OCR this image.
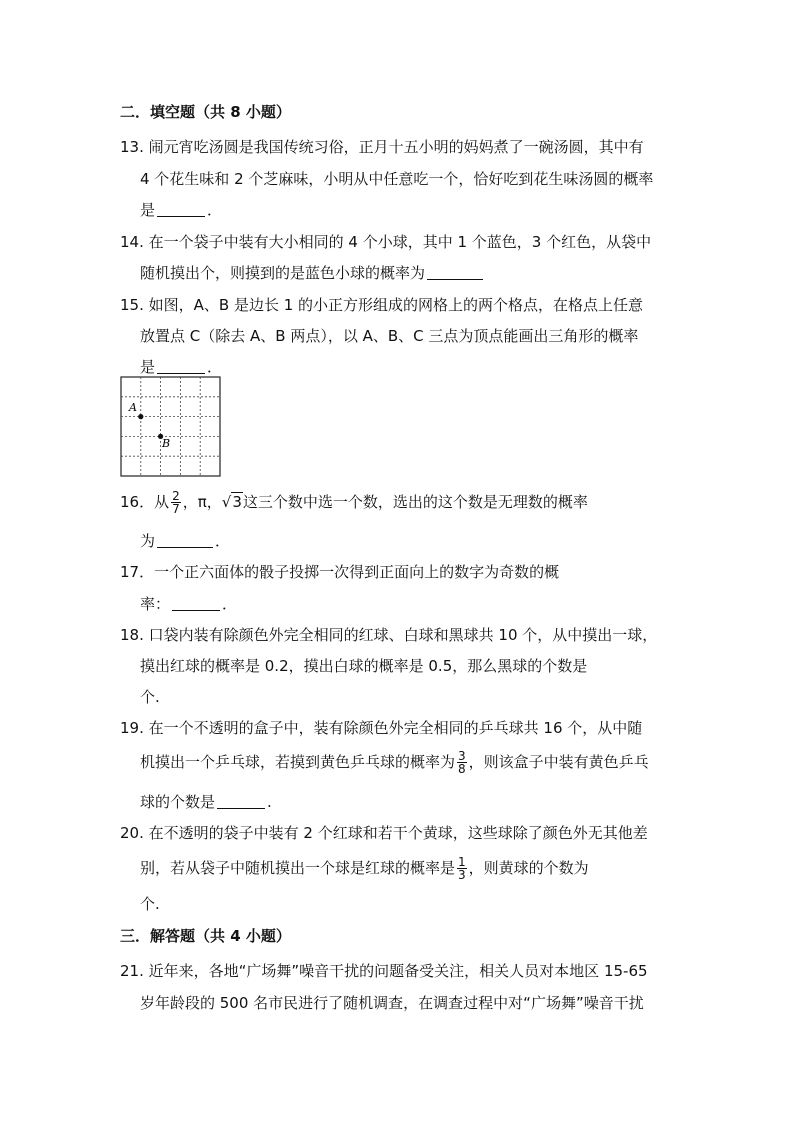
二．填空题（共 8 小题）
13. 闹元宵吃汤圆是我国传统习俗，正月十五小明的妈妈煮了一碗汤圆，其中有
4 个花生味和 2 个芝麻味，小明从中任意吃一个，恰好吃到花生味汤圆的概率
是	．
14. 在一个袋子中装有大小相同的 4 个小球，其中 1 个蓝色，3 个红色，从袋中
随机摸出个，则摸到的是蓝色小球的概率为
15. 如图，A、B 是边长 1 的小正方形组成的网格上的两个格点，在格点上任意
放置点 C（除去 A、B 两点），以 A、B、C 三点为顶点能画出三角形的概率
是	．
A
B
16．从 $\frac{2}{7}$ ，π，√3这三个数中选一个数，选出的这个数是无理数的概率
为	．
17．一个正六面体的骰子投掷一次得到正面向上的数字为奇数的概
率：	．
18. 口袋内装有除颜色外完全相同的红球、白球和黑球共 10 个，从中摸出一球，
摸出红球的概率是 0.2，摸出白球的概率是 0.5，那么黑球的个数是
个.
19. 在一个不透明的盒子中，装有除颜色外完全相同的乒乓球共 16 个，从中随
机摸出一个乒乓球，若摸到黄色乒乓球的概率为 $\frac{3}{8}$ ，则该盒子中装有黄色乒乓
球的个数是	.
20. 在不透明的袋子中装有 2 个红球和若干个黄球，这些球除了颜色外无其他差
别，若从袋子中随机摸出一个球是红球的概率是 $\frac{1}{3}$ ，则黄球的个数为
个.
三．解答题（共 4 小题）
21. 近年来，各地“广场舞”噪音干扰的问题备受关注，相关人员对本地区 15-65
岁年龄段的 500 名市民进行了随机调查，在调查过程中对“广场舞”噪音干扰
